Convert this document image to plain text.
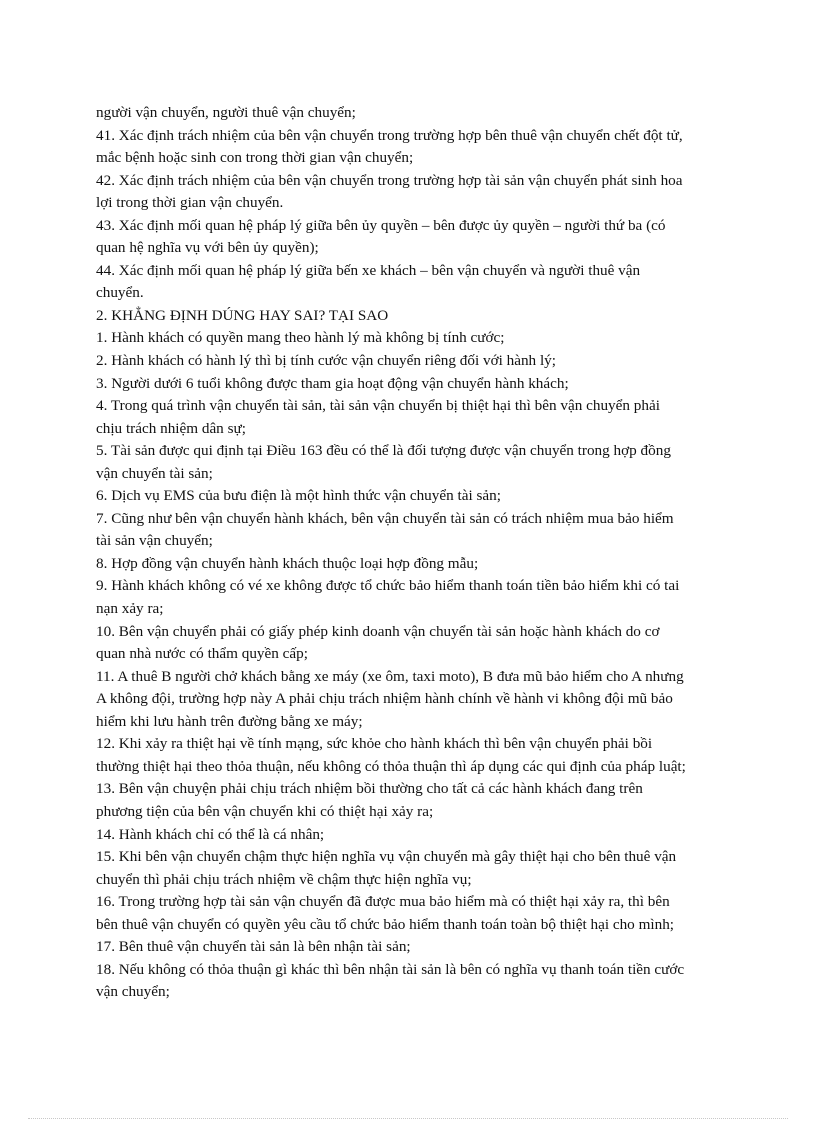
người vận chuyển, người thuê vận chuyển;
41. Xác định trách nhiệm của bên vận chuyển trong trường hợp bên thuê vận chuyển chết đột tử,
mắc bệnh hoặc sinh con trong thời gian vận chuyển;
42. Xác định trách nhiệm của bên vận chuyển trong trường hợp tài sản vận chuyển phát sinh hoa
lợi trong thời gian vận chuyển.
43. Xác định mối quan hệ pháp lý giữa bên ủy quyền – bên được ủy quyền – người thứ ba (có
quan hệ nghĩa vụ với bên ủy quyền);
44. Xác định mối quan hệ pháp lý giữa bến xe khách – bên vận chuyển và người thuê vận
chuyển.
2. KHẲNG ĐỊNH DÚNG HAY SAI? TẠI SAO
1. Hành khách có quyền mang theo hành lý mà không bị tính cước;
2. Hành khách có hành lý thì bị tính cước vận chuyển riêng đối với hành lý;
3. Người dưới 6 tuổi không được tham gia hoạt động vận chuyển hành khách;
4. Trong quá trình vận chuyển tài sản, tài sản vận chuyển bị thiệt hại thì bên vận chuyển phải
chịu trách nhiệm dân sự;
5. Tài sản được qui định tại Điều 163 đều có thể là đối tượng được vận chuyển trong hợp đồng
vận chuyển tài sản;
6. Dịch vụ EMS của bưu điện là một hình thức vận chuyển tài sản;
7. Cũng như bên vận chuyển hành khách, bên vận chuyển tài sản có trách nhiệm mua bảo hiểm
tài sản vận chuyển;
8. Hợp đồng vận chuyển hành khách thuộc loại hợp đồng mẫu;
9. Hành khách không có vé xe không được tổ chức bảo hiểm thanh toán tiền bảo hiểm khi có tai
nạn xảy ra;
10. Bên vận chuyển phải có giấy phép kinh doanh vận chuyển tài sản hoặc hành khách do cơ
quan nhà nước có thẩm quyền cấp;
11. A thuê B người chở khách bằng xe máy (xe ôm, taxi moto), B đưa mũ bảo hiểm cho A nhưng
A không đội, trường hợp này A phải chịu trách nhiệm hành chính về hành vi không đội mũ bảo
hiểm khi lưu hành trên đường bằng xe máy;
12. Khi xảy ra thiệt hại về tính mạng, sức khỏe cho hành khách thì bên vận chuyển phải bồi
thường thiệt hại theo thỏa thuận, nếu không có thỏa thuận thì áp dụng các qui định của pháp luật;
13. Bên vận chuyện phải chịu trách nhiệm bồi thường cho tất cả các hành khách đang trên
phương tiện của bên vận chuyển khi có thiệt hại xảy ra;
14. Hành khách chỉ có thể là cá nhân;
15. Khi bên vận chuyển chậm thực hiện nghĩa vụ vận chuyển mà gây thiệt hại cho bên thuê vận
chuyển thì phải chịu trách nhiệm về chậm thực hiện nghĩa vụ;
16. Trong trường hợp tài sản vận chuyển đã được mua bảo hiểm mà có thiệt hại xảy ra, thì bên
bên thuê vận chuyển có quyền yêu cầu tổ chức bảo hiểm thanh toán toàn bộ thiệt hại cho mình;
17. Bên thuê vận chuyển tài sản là bên nhận tài sản;
18. Nếu không có thỏa thuận gì khác thì bên nhận tài sản là bên có nghĩa vụ thanh toán tiền cước
vận chuyển;
